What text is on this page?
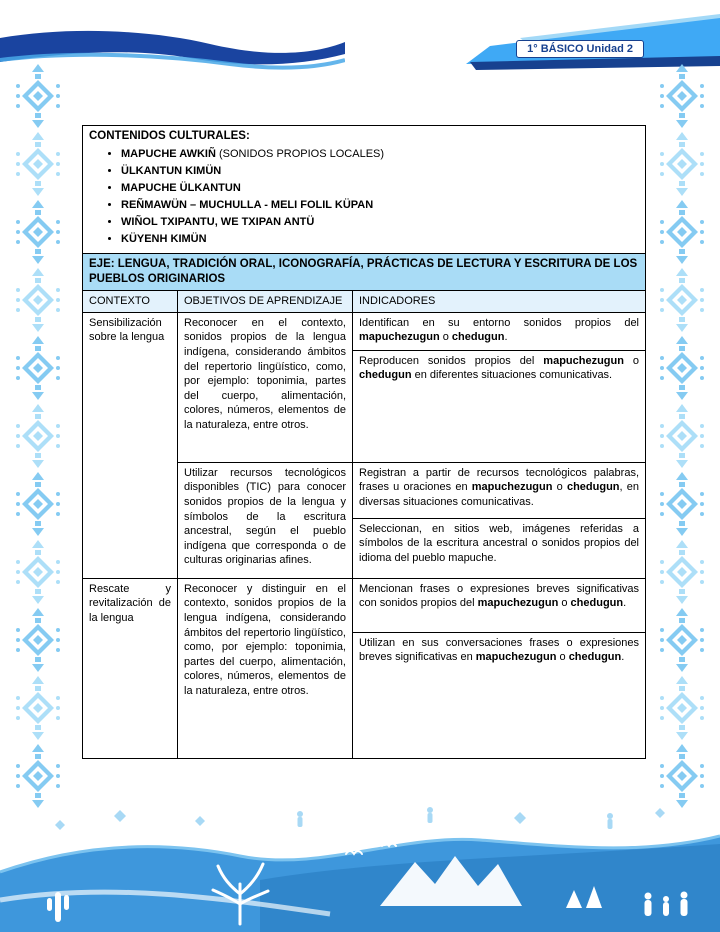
1° BÁSICO Unidad 2

CONTENIDOS CULTURALES:

• MAPUCHE AWKIÑ (SONIDOS PROPIOS LOCALES)
• ÜLKANTUN KIMÜN
• MAPUCHE ÜLKANTUN
• REÑMAWÜN – MUCHULLA - MELI FOLIL KÜPAN
• WIÑOL TXIPANTU, WE TXIPAN ANTÜ
• KÜYENH KIMÜN

EJE: LENGUA, TRADICIÓN ORAL, ICONOGRAFÍA, PRÁCTICAS DE LECTURA Y ESCRITURA DE LOS PUEBLOS ORIGINARIOS		
CONTEXTO	OBJETIVOS DE APRENDIZAJE	INDICADORES
Sensibilización sobre la lengua	Reconocer en el contexto, sonidos propios de la lengua indígena, considerando ámbitos del repertorio lingüístico, como, por ejemplo: toponimia, partes del cuerpo, alimentación, colores, números, elementos de la naturaleza, entre otros.	Identifican en su entorno sonidos propios del mapuchezugun o chedugun.
		Reproducen sonidos propios del mapuchezugun o chedugun en diferentes situaciones comunicativas.
	Utilizar recursos tecnológicos disponibles (TIC) para conocer sonidos propios de la lengua y símbolos de la escritura ancestral, según el pueblo indígena que corresponda o de culturas originarias afines.	Registran a partir de recursos tecnológicos palabras, frases u oraciones en mapuchezugun o chedugun, en diversas situaciones comunicativas.
		Seleccionan, en sitios web, imágenes referidas a símbolos de la escritura ancestral o sonidos propios del idioma del pueblo mapuche.
Rescate y revitalización de la lengua	Reconocer y distinguir en el contexto, sonidos propios de la lengua indígena, considerando ámbitos del repertorio lingüístico, como, por ejemplo: toponimia, partes del cuerpo, alimentación, colores, números, elementos de la naturaleza, entre otros.	Mencionan frases o expresiones breves significativas con sonidos propios del mapuchezugun o chedugun.
		Utilizan en sus conversaciones frases o expresiones breves significativas en mapuchezugun o chedugun.
